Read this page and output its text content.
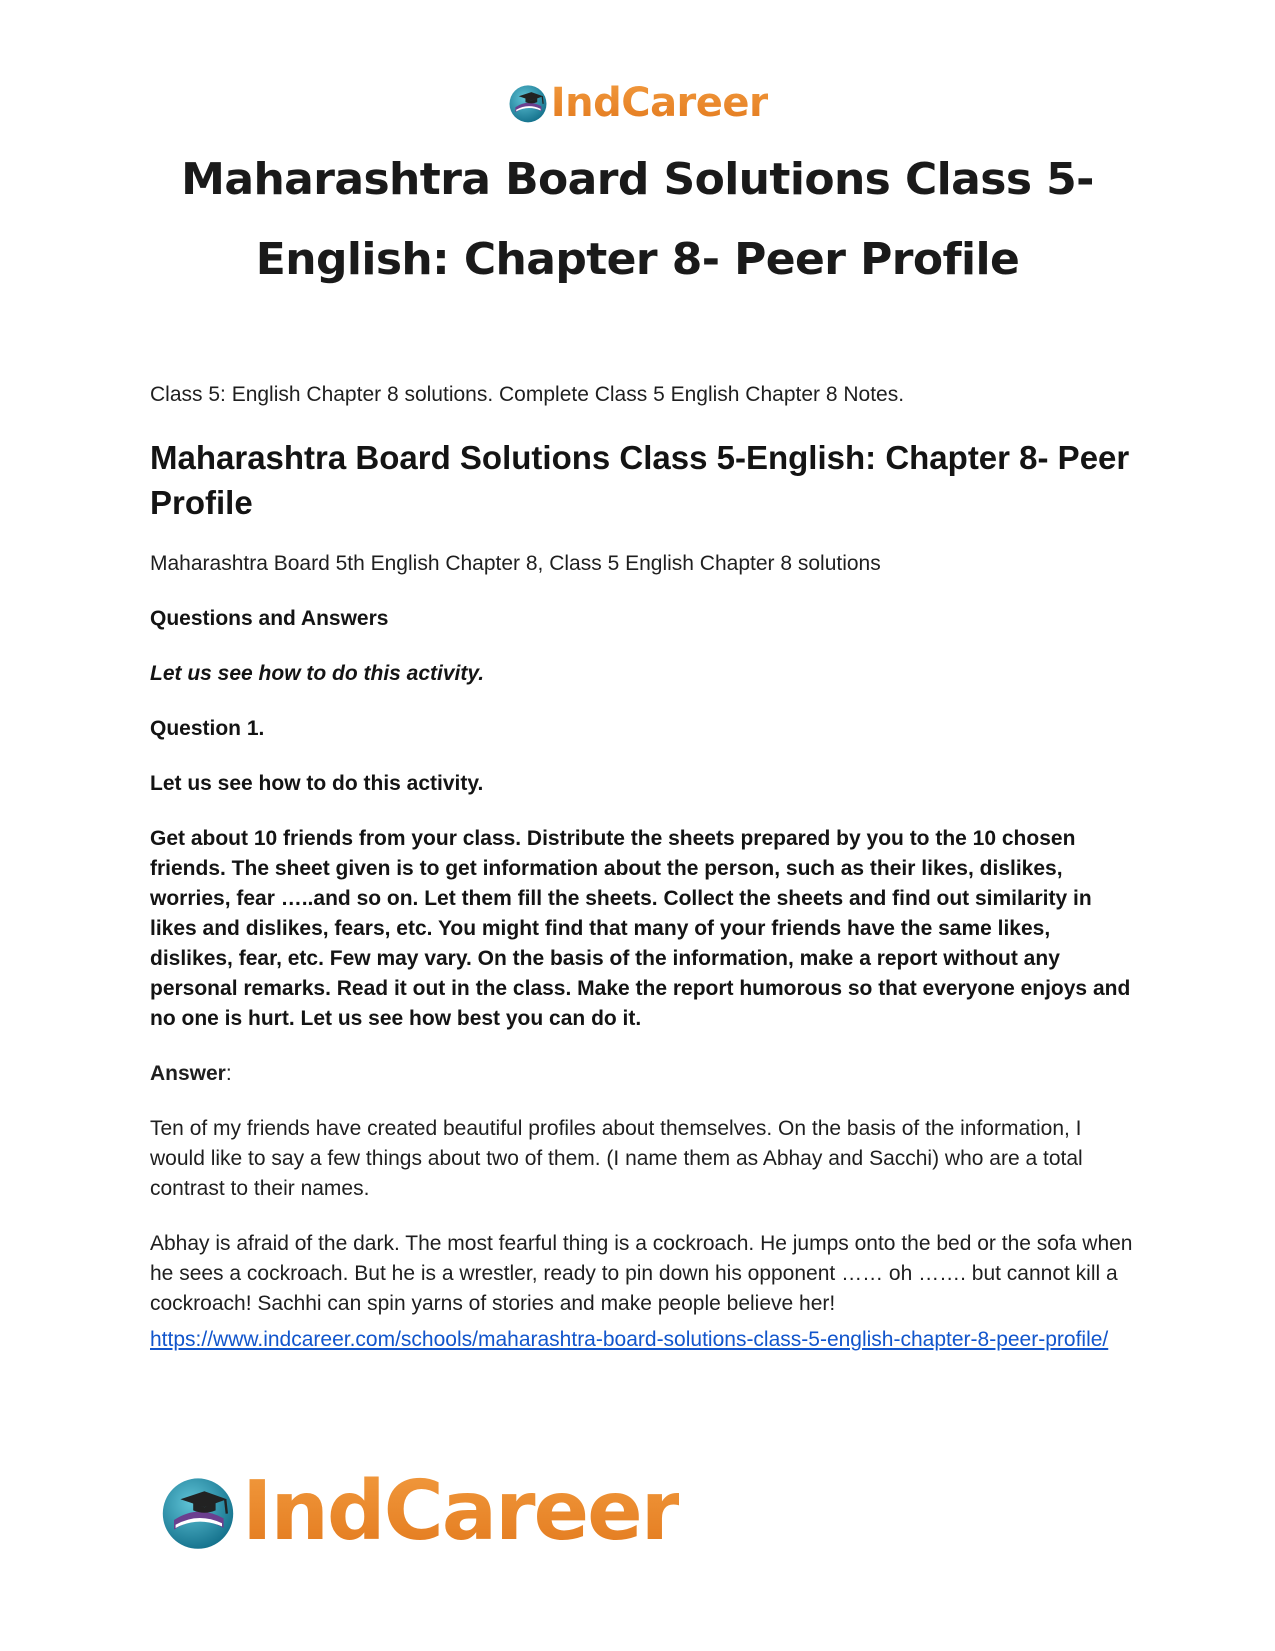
IndCareer
Maharashtra Board Solutions Class 5-English: Chapter 8- Peer Profile

Class 5: English Chapter 8 solutions. Complete Class 5 English Chapter 8 Notes.

Maharashtra Board Solutions Class 5-English: Chapter 8- Peer Profile

Maharashtra Board 5th English Chapter 8, Class 5 English Chapter 8 solutions

Questions and Answers

Let us see how to do this activity.

Question 1.

Let us see how to do this activity.

Get about 10 friends from your class. Distribute the sheets prepared by you to the 10 chosen friends. The sheet given is to get information about the person, such as their likes, dislikes, worries, fear …..and so on. Let them fill the sheets. Collect the sheets and find out similarity in likes and dislikes, fears, etc. You might find that many of your friends have the same likes, dislikes, fear, etc. Few may vary. On the basis of the information, make a report without any personal remarks. Read it out in the class. Make the report humorous so that everyone enjoys and no one is hurt. Let us see how best you can do it.

Answer:

Ten of my friends have created beautiful profiles about themselves. On the basis of the information, I would like to say a few things about two of them. (I name them as Abhay and Sacchi) who are a total contrast to their names.

Abhay is afraid of the dark. The most fearful thing is a cockroach. He jumps onto the bed or the sofa when he sees a cockroach. But he is a wrestler, ready to pin down his opponent …… oh ……. but cannot kill a cockroach! Sachhi can spin yarns of stories and make people believe her!

https://www.indcareer.com/schools/maharashtra-board-solutions-class-5-english-chapter-8-peer-profile/
IndCareer
